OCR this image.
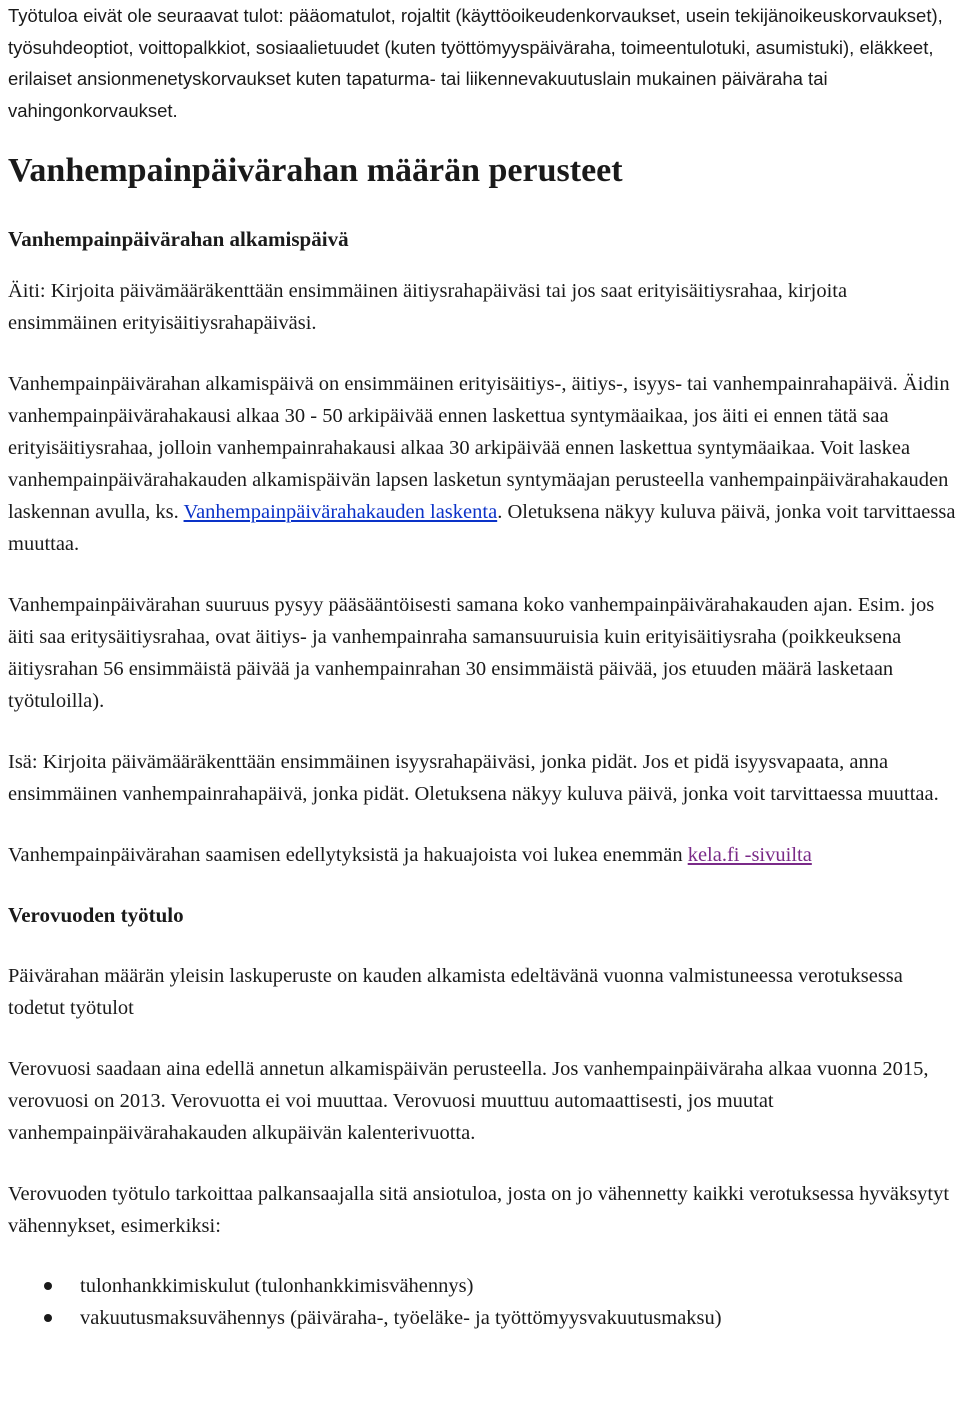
Työtuloa eivät ole seuraavat tulot: pääomatulot, rojaltit (käyttöoikeudenkorvaukset, usein tekijänoikeuskorvaukset), työsuhdeoptiot, voittopalkkiot, sosiaalietuudet (kuten työttömyyspäiväraha, toimeentulotuki, asumistuki), eläkkeet, erilaiset ansionmenetyskorvaukset kuten tapaturma- tai liikennevakuutuslain mukainen päiväraha tai vahingonkorvaukset.

Vanhempainpäivärahan määrän perusteet
Vanhempainpäivärahan alkamispäivä

Äiti: Kirjoita päivämääräkenttään ensimmäinen äitiysrahapäiväsi tai jos saat erityisäitiysrahaa, kirjoita ensimmäinen erityisäitiysrahapäiväsi.

Vanhempainpäivärahan alkamispäivä on ensimmäinen erityisäitiys-, äitiys-, isyys- tai vanhempainrahapäivä. Äidin vanhempainpäivärahakausi alkaa 30 - 50 arkipäivää ennen laskettua syntymäaikaa, jos äiti ei ennen tätä saa erityisäitiysrahaa, jolloin vanhempainrahakausi alkaa 30 arkipäivää ennen laskettua syntymäaikaa. Voit laskea vanhempainpäivärahakauden alkamispäivän lapsen lasketun syntymäajan perusteella vanhempainpäivärahakauden laskennan avulla, ks. Vanhempainpäivärahakauden laskenta. Oletuksena näkyy kuluva päivä, jonka voit tarvittaessa muuttaa.

Vanhempainpäivärahan suuruus pysyy pääsääntöisesti samana koko vanhempainpäivärahakauden ajan. Esim. jos äiti saa eritysäitiysrahaa, ovat äitiys- ja vanhempainraha samansuuruisia kuin erityisäitiysraha (poikkeuksena äitiysrahan 56 ensimmäistä päivää ja vanhempainrahan 30 ensimmäistä päivää, jos etuuden määrä lasketaan työtuloilla).

Isä: Kirjoita päivämääräkenttään ensimmäinen isyysrahapäiväsi, jonka pidät. Jos et pidä isyysvapaata, anna ensimmäinen vanhempainrahapäivä, jonka pidät. Oletuksena näkyy kuluva päivä, jonka voit tarvittaessa muuttaa.

Vanhempainpäivärahan saamisen edellytyksistä ja hakuajoista voi lukea enemmän kela.fi -sivuilta

Verovuoden työtulo

Päivärahan määrän yleisin laskuperuste on kauden alkamista edeltävänä vuonna valmistuneessa verotuksessa todetut työtulot

Verovuosi saadaan aina edellä annetun alkamispäivän perusteella. Jos vanhempainpäiväraha alkaa vuonna 2015, verovuosi on 2013. Verovuotta ei voi muuttaa. Verovuosi muuttuu automaattisesti, jos muutat vanhempainpäivärahakauden alkupäivän kalenterivuotta.

Verovuoden työtulo tarkoittaa palkansaajalla sitä ansiotuloa, josta on jo vähennetty kaikki verotuksessa hyväksytyt vähennykset, esimerkiksi:

tulonhankkimiskulut (tulonhankkimisvähennys)
vakuutusmaksuvähennys (päiväraha-, työeläke- ja työttömyysvakuutusmaksu)
